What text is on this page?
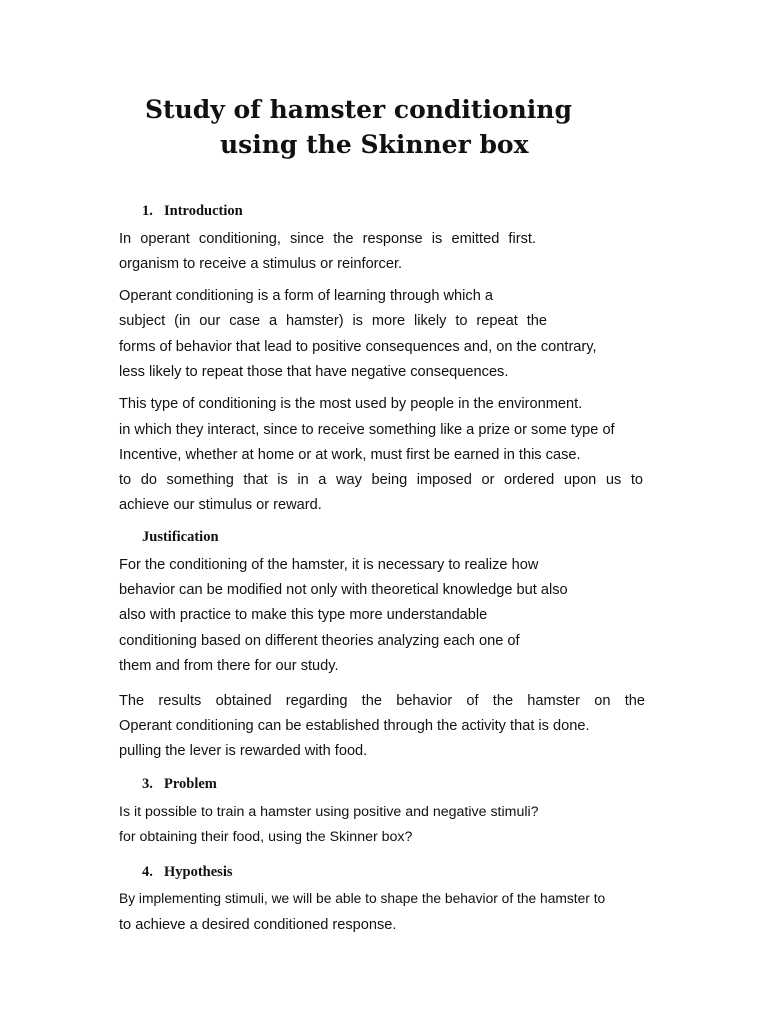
Study of hamster conditioning
using the Skinner box
1. Introduction

In operant conditioning, since the response is emitted first.

organism to receive a stimulus or reinforcer.

Operant conditioning is a form of learning through which a

subject (in our case a hamster) is more likely to repeat the

forms of behavior that lead to positive consequences and, on the contrary,

less likely to repeat those that have negative consequences.

This type of conditioning is the most used by people in the environment.

in which they interact, since to receive something like a prize or some type of

Incentive, whether at home or at work, must first be earned in this case.

to do something that is in a way being imposed or ordered upon us to

achieve our stimulus or reward.

Justification

For the conditioning of the hamster, it is necessary to realize how

behavior can be modified not only with theoretical knowledge but also

also with practice to make this type more understandable

conditioning based on different theories analyzing each one of

them and from there for our study.

The results obtained regarding the behavior of the hamster on the

Operant conditioning can be established through the activity that is done.

pulling the lever is rewarded with food.

3. Problem

Is it possible to train a hamster using positive and negative stimuli?

for obtaining their food, using the Skinner box?

4. Hypothesis

By implementing stimuli, we will be able to shape the behavior of the hamster to

to achieve a desired conditioned response.
